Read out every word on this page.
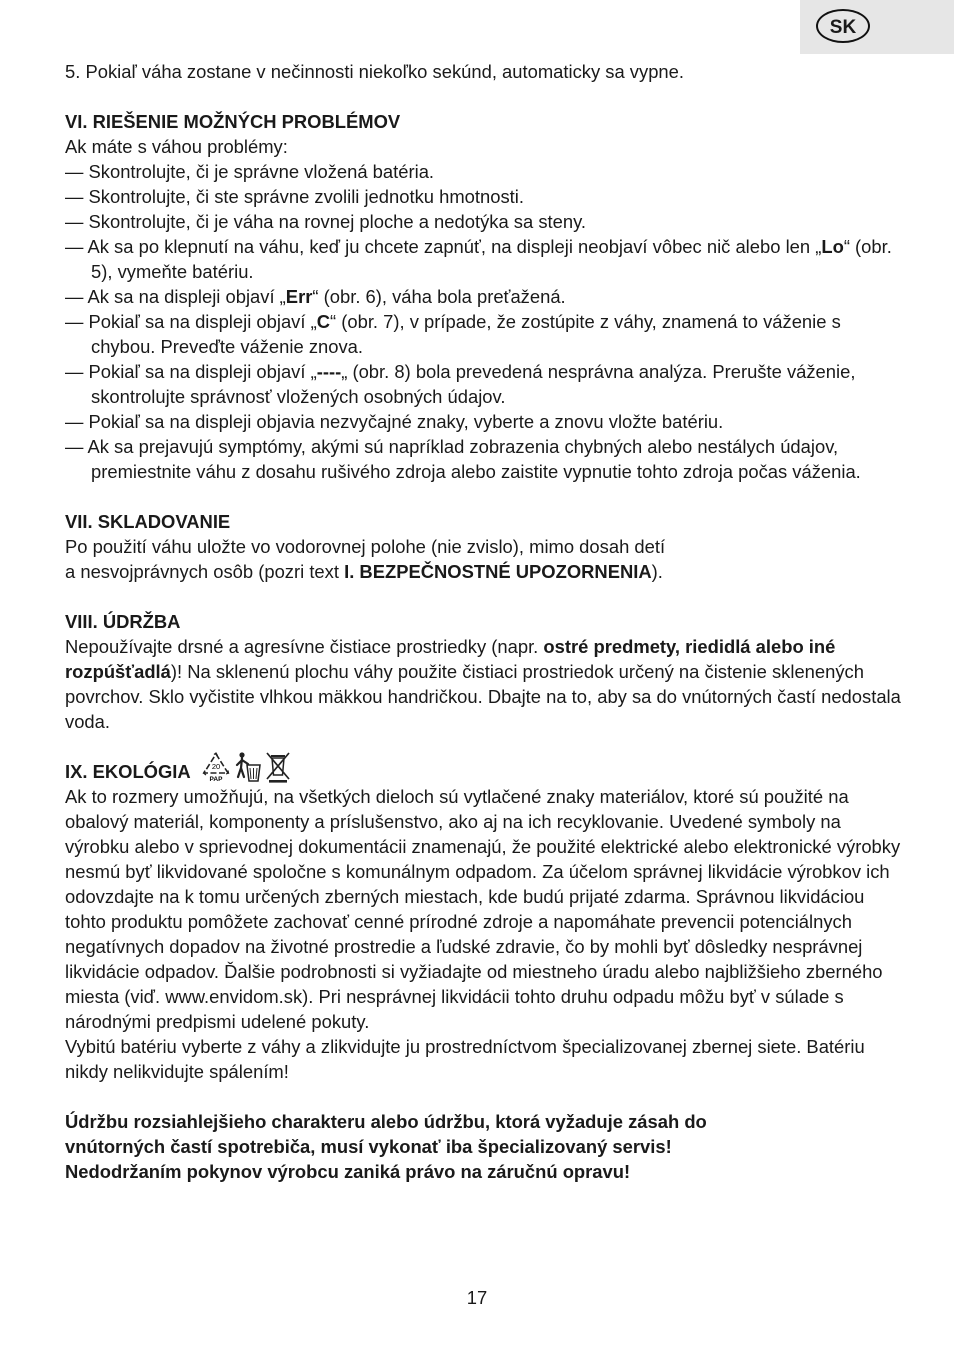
SK

5. Pokiaľ váha zostane v nečinnosti niekoľko sekúnd, automaticky sa vypne.

VI. RIEŠENIE MOŽNÝCH PROBLÉMOV

Ak máte s váhou problémy:

— Skontrolujte, či je správne vložená batéria.

— Skontrolujte, či ste správne zvolili jednotku hmotnosti.

— Skontrolujte, či je váha na rovnej ploche a nedotýka sa steny.

— Ak sa po klepnutí na váhu, keď ju chcete zapnúť, na displeji neobjaví vôbec nič alebo len „Lo“ (obr. 5), vymeňte batériu.

— Ak sa na displeji objaví „Err“ (obr. 6), váha bola preťažená.

— Pokiaľ sa na displeji objaví „C“ (obr. 7), v prípade, že zostúpite z váhy, znamená to váženie s chybou. Preveďte váženie znova.

— Pokiaľ sa na displeji objaví „----„ (obr. 8) bola prevedená nesprávna analýza. Prerušte váženie, skontrolujte správnosť vložených osobných údajov.

— Pokiaľ sa na displeji objavia nezvyčajné znaky, vyberte a znovu vložte batériu.

— Ak sa prejavujú symptómy, akými sú napríklad zobrazenia chybných alebo nestálych údajov, premiestnite váhu z dosahu rušivého zdroja alebo zaistite vypnutie tohto zdroja počas váženia.

VII. SKLADOVANIE

Po použití váhu uložte vo vodorovnej polohe (nie zvislo), mimo dosah detí

a nesvojprávnych osôb (pozri text I. BEZPEČNOSTNÉ UPOZORNENIA).

VIII. ÚDRŽBA

Nepoužívajte drsné a agresívne čistiace prostriedky (napr. ostré predmety, riedidlá alebo iné rozpúšťadlá)! Na sklenenú plochu váhy použite čistiaci prostriedok určený na čistenie sklenených povrchov. Sklo vyčistite vlhkou mäkkou handričkou. Dbajte na to, aby sa do vnútorných častí nedostala voda.

IX. EKOLÓGIA	20
PAP

Ak to rozmery umožňujú, na všetkých dieloch sú vytlačené znaky materiálov, ktoré sú použité na obalový materiál, komponenty a príslušenstvo, ako aj na ich recyklovanie. Uvedené symboly na výrobku alebo v sprievodnej dokumentácii znamenajú, že použité elektrické alebo elektronické výrobky nesmú byť likvidované spoločne s komunálnym odpadom. Za účelom správnej likvidácie výrobkov ich odovzdajte na k tomu určených zberných miestach, kde budú prijaté zdarma. Správnou likvidáciou tohto produktu pomôžete zachovať cenné prírodné zdroje a napomáhate prevencii potenciálnych negatívnych dopadov na životné prostredie a ľudské zdravie, čo by mohli byť dôsledky nesprávnej likvidácie odpadov. Ďalšie podrobnosti si vyžiadajte od miestneho úradu alebo najbližšieho zberného miesta (viď. www.envidom.sk). Pri nesprávnej likvidácii tohto druhu odpadu môžu byť v súlade s národnými predpismi udelené pokuty.

Vybitú batériu vyberte z váhy a zlikvidujte ju prostredníctvom špecializovanej zbernej siete. Batériu nikdy nelikvidujte spálením!

Údržbu rozsiahlejšieho charakteru alebo údržbu, ktorá vyžaduje zásah do

vnútorných častí spotrebiča, musí vykonať iba špecializovaný servis!

Nedodržaním pokynov výrobcu zaniká právo na záručnú opravu!

17
